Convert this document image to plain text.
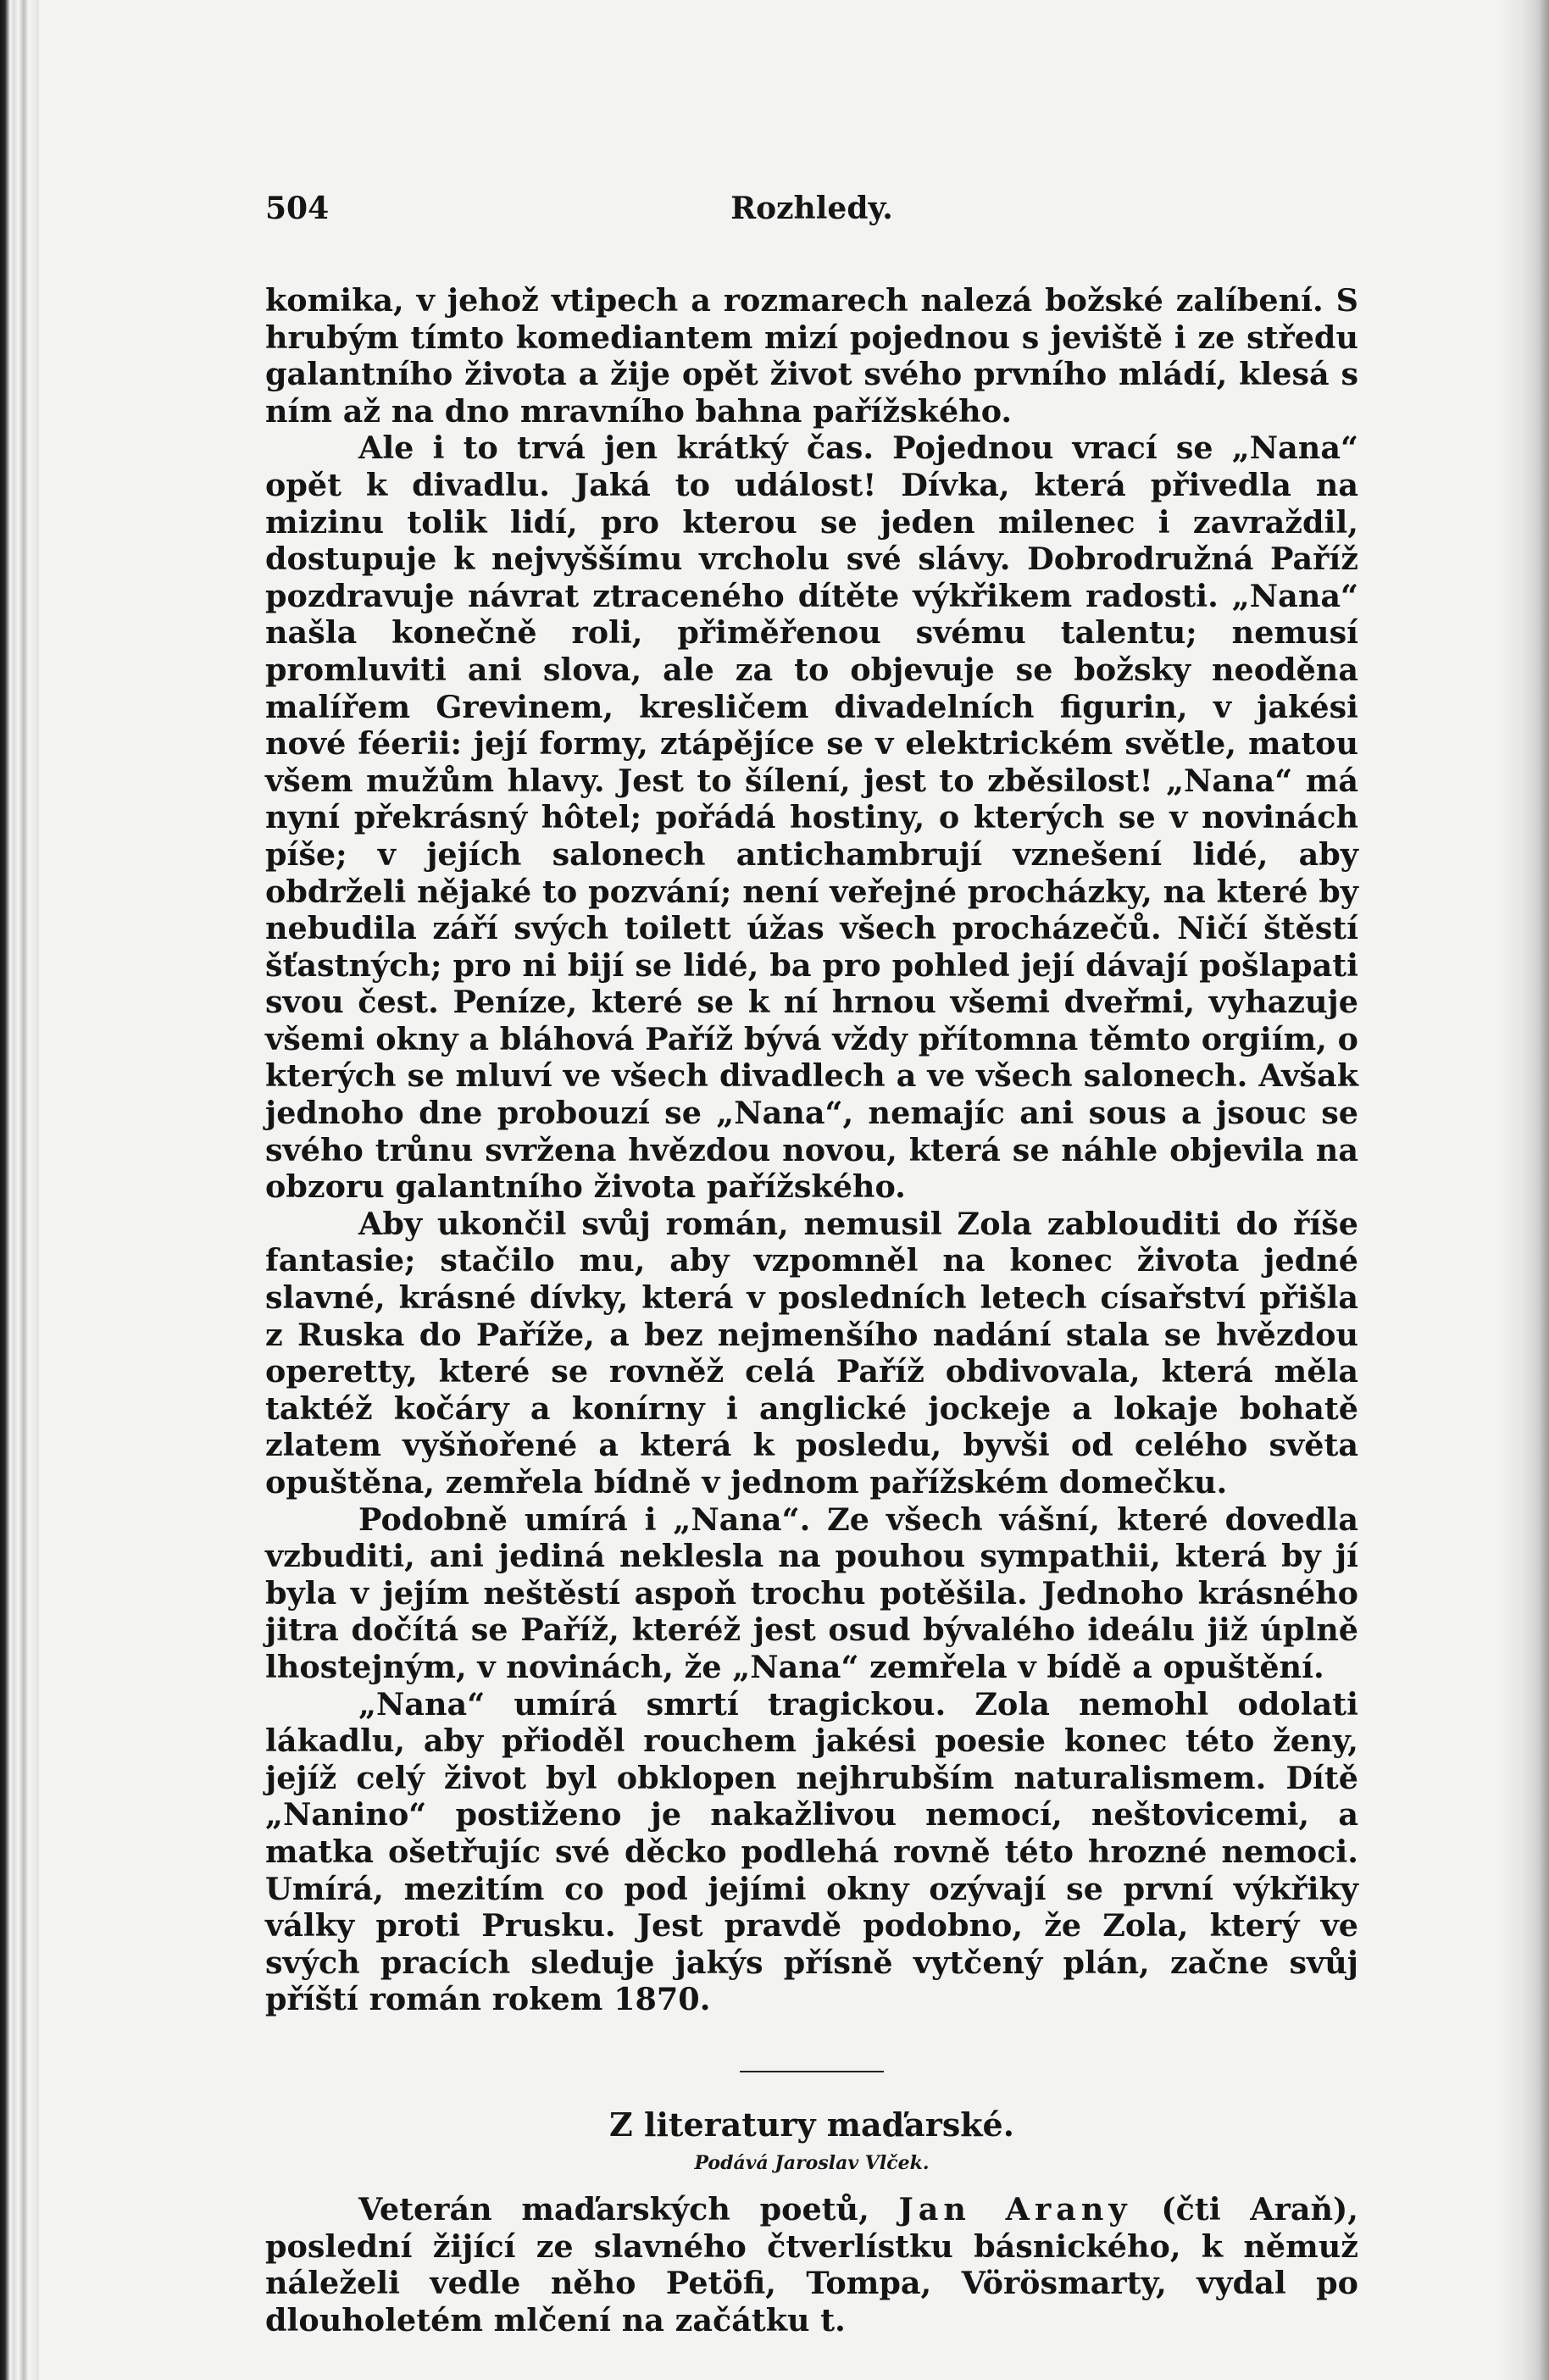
504	Rozhledy.

komika, v jehož vtipech a rozmarech nalezá božské zalíbení. S hrubým tímto komediantem mizí pojednou s jeviště i ze středu galantního života a žije opět život svého prvního mládí, klesá s ním až na dno mravního bahna pařížského.

Ale i to trvá jen krátký čas. Pojednou vrací se „Nana“ opět k divadlu. Jaká to událost! Dívka, která přivedla na mizinu tolik lidí, pro kterou se jeden milenec i zavraždil, dostupuje k nejvyššímu vrcholu své slávy. Dobrodružná Paříž pozdravuje návrat ztraceného dítěte výkřikem radosti. „Nana“ našla konečně roli, přiměřenou svému talentu; nemusí promluviti ani slova, ale za to objevuje se božsky neoděna malířem Grevinem, kresličem divadelních figurin, v jakési nové féerii: její formy, ztápějíce se v elektrickém světle, matou všem mužům hlavy. Jest to šílení, jest to zběsilost! „Nana“ má nyní překrásný hôtel; pořádá hostiny, o kterých se v novinách píše; v jejích salonech antichambrují vznešení lidé, aby obdrželi nějaké to pozvání; není veřejné procházky, na které by nebudila září svých toilett úžas všech procházečů. Ničí štěstí šťastných; pro ni bijí se lidé, ba pro pohled její dávají pošlapati svou čest. Peníze, které se k ní hrnou všemi dveřmi, vyhazuje všemi okny a bláhová Paříž bývá vždy přítomna těmto orgiím, o kterých se mluví ve všech divadlech a ve všech salonech. Avšak jednoho dne probouzí se „Nana“, nemajíc ani sous a jsouc se svého trůnu svržena hvězdou novou, která se náhle objevila na obzoru galantního života pařížského.

Aby ukončil svůj román, nemusil Zola zablouditi do říše fantasie; stačilo mu, aby vzpomněl na konec života jedné slavné, krásné dívky, která v posledních letech císařství přišla z Ruska do Paříže, a bez nejmenšího nadání stala se hvězdou operetty, které se rovněž celá Paříž obdivovala, která měla taktéž kočáry a konírny i anglické jockeje a lokaje bohatě zlatem vyšňořené a která k posledu, byvši od celého světa opuštěna, zemřela bídně v jednom pařížském domečku.

Podobně umírá i „Nana“. Ze všech vášní, které dovedla vzbuditi, ani jediná neklesla na pouhou sympathii, která by jí byla v jejím neštěstí aspoň trochu potěšila. Jednoho krásného jitra dočítá se Paříž, kteréž jest osud bývalého ideálu již úplně lhostejným, v novinách, že „Nana“ zemřela v bídě a opuštění.

„Nana“ umírá smrtí tragickou. Zola nemohl odolati lákadlu, aby přioděl rouchem jakési poesie konec této ženy, jejíž celý život byl obklopen nejhrubším naturalismem. Dítě „Nanino“ postiženo je nakažlivou nemocí, neštovicemi, a matka ošetřujíc své děcko podlehá rovně této hrozné nemoci. Umírá, mezitím co pod jejími okny ozývají se první výkřiky války proti Prusku. Jest pravdě podobno, že Zola, který ve svých pracích sleduje jakýs přísně vytčený plán, začne svůj příští román rokem 1870.

Z literatury maďarské.
Podává Jaroslav Vlček.

Veterán maďarských poetů, Jan Arany (čti Araň), poslední žijící ze slavného čtverlístku básnického, k němuž náleželi vedle něho Petöfi, Tompa, Vörösmarty, vydal po dlouholetém mlčení na začátku t.
